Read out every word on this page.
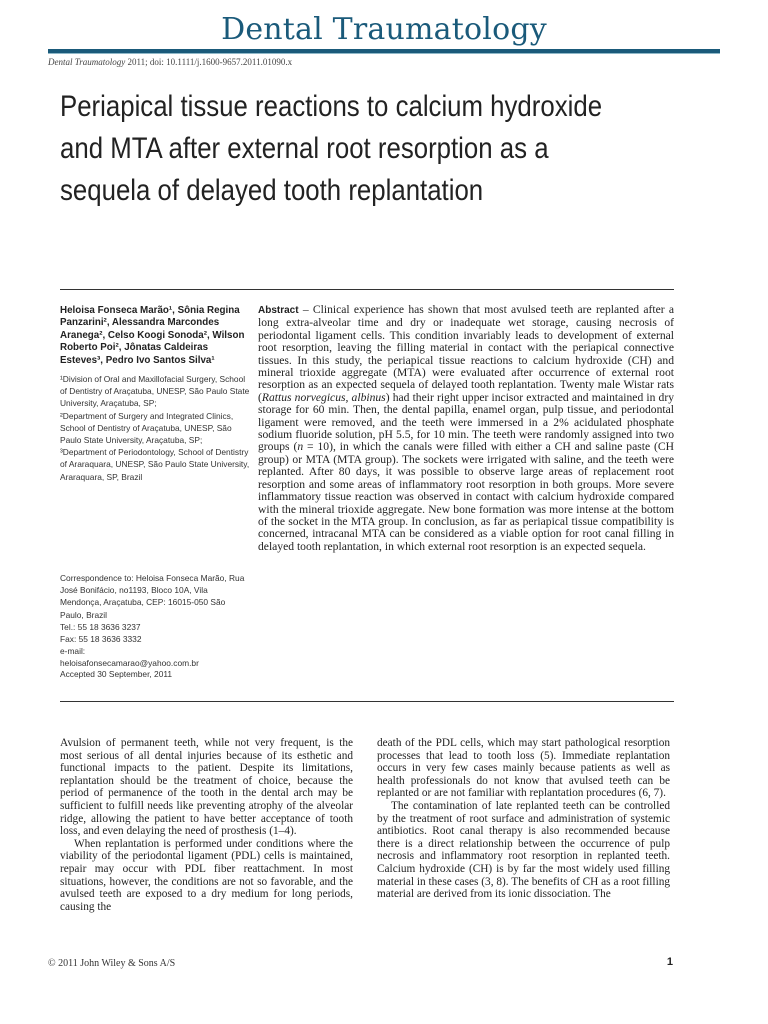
Dental Traumatology
Dental Traumatology 2011; doi: 10.1111/j.1600-9657.2011.01090.x
Periapical tissue reactions to calcium hydroxide and MTA after external root resorption as a sequela of delayed tooth replantation
Heloisa Fonseca Marão¹, Sônia Regina Panzarini², Alessandra Marcondes Aranega², Celso Koogi Sonoda², Wilson Roberto Poi², Jônatas Caldeiras Esteves³, Pedro Ivo Santos Silva¹

¹Division of Oral and Maxillofacial Surgery, School of Dentistry of Araçatuba, UNESP, São Paulo State University, Araçatuba, SP;

²Department of Surgery and Integrated Clinics, School of Dentistry of Araçatuba, UNESP, São Paulo State University, Araçatuba, SP;

³Department of Periodontology, School of Dentistry of Araraquara, UNESP, São Paulo State University, Araraquara, SP, Brazil

Correspondence to: Heloisa Fonseca Marão, Rua José Bonifácio, no1193, Bloco 10A, Vila Mendonça, Araçatuba, CEP: 16015-050 São Paulo, Brazil

Tel.: 55 18 3636 3237

Fax: 55 18 3636 3332

e-mail:

heloisafonsecamarao@yahoo.com.br

Accepted 30 September, 2011
Abstract – Clinical experience has shown that most avulsed teeth are replanted after a long extra-alveolar time and dry or inadequate wet storage, causing necrosis of periodontal ligament cells. This condition invariably leads to development of external root resorption, leaving the filling material in contact with the periapical connective tissues. In this study, the periapical tissue reactions to calcium hydroxide (CH) and mineral trioxide aggregate (MTA) were evaluated after occurrence of external root resorption as an expected sequela of delayed tooth replantation. Twenty male Wistar rats (Rattus norvegicus, albinus) had their right upper incisor extracted and maintained in dry storage for 60 min. Then, the dental papilla, enamel organ, pulp tissue, and periodontal ligament were removed, and the teeth were immersed in a 2% acidulated phosphate sodium fluoride solution, pH 5.5, for 10 min. The teeth were randomly assigned into two groups (n = 10), in which the canals were filled with either a CH and saline paste (CH group) or MTA (MTA group). The sockets were irrigated with saline, and the teeth were replanted. After 80 days, it was possible to observe large areas of replacement root resorption and some areas of inflammatory root resorption in both groups. More severe inflammatory tissue reaction was observed in contact with calcium hydroxide compared with the mineral trioxide aggregate. New bone formation was more intense at the bottom of the socket in the MTA group. In conclusion, as far as periapical tissue compatibility is concerned, intracanal MTA can be considered as a viable option for root canal filling in delayed tooth replantation, in which external root resorption is an expected sequela.

Avulsion of permanent teeth, while not very frequent, is the most serious of all dental injuries because of its esthetic and functional impacts to the patient. Despite its limitations, replantation should be the treatment of choice, because the period of permanence of the tooth in the dental arch may be sufficient to fulfill needs like preventing atrophy of the alveolar ridge, allowing the patient to have better acceptance of tooth loss, and even delaying the need of prosthesis (1–4).

When replantation is performed under conditions where the viability of the periodontal ligament (PDL) cells is maintained, repair may occur with PDL fiber reattachment. In most situations, however, the conditions are not so favorable, and the avulsed teeth are exposed to a dry medium for long periods, causing the

death of the PDL cells, which may start pathological resorption processes that lead to tooth loss (5). Immediate replantation occurs in very few cases mainly because patients as well as health professionals do not know that avulsed teeth can be replanted or are not familiar with replantation procedures (6, 7).

The contamination of late replanted teeth can be controlled by the treatment of root surface and administration of systemic antibiotics. Root canal therapy is also recommended because there is a direct relationship between the occurrence of pulp necrosis and inflammatory root resorption in replanted teeth. Calcium hydroxide (CH) is by far the most widely used filling material in these cases (3, 8). The benefits of CH as a root filling material are derived from its ionic dissociation. The

© 2011 John Wiley & Sons A/S	1
